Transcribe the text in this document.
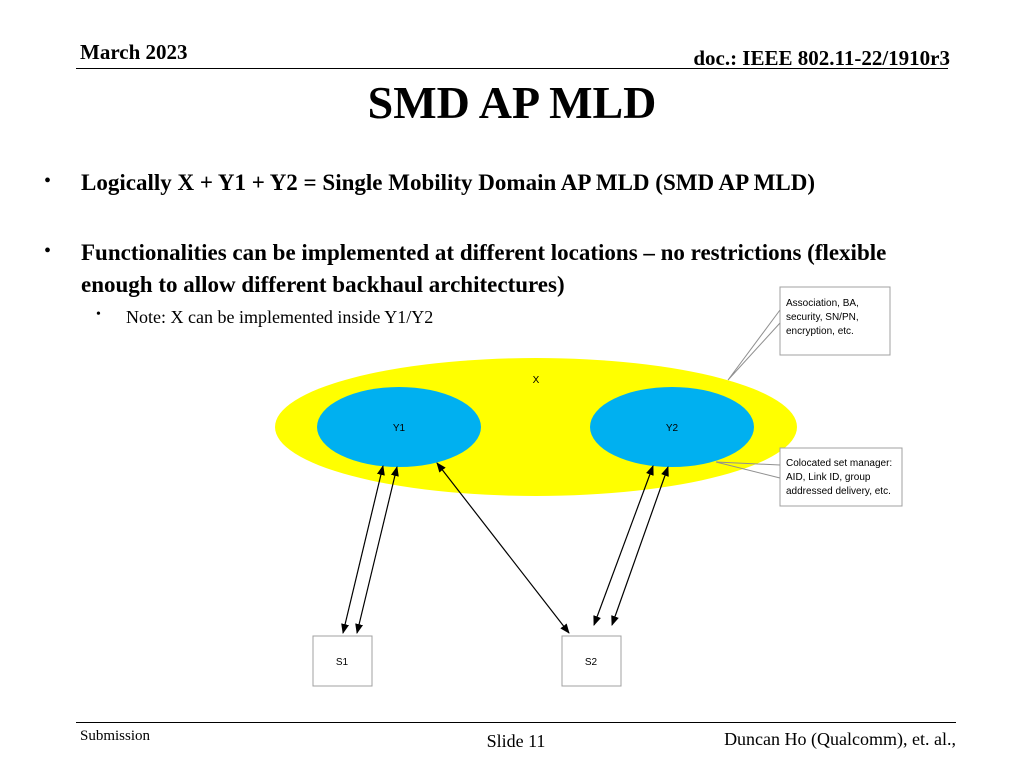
March 2023	doc.: IEEE 802.11-22/1910r3
SMD AP MLD
• Logically X + Y1 + Y2 = Single Mobility Domain AP MLD (SMD AP MLD)
• Functionalities can be implemented at different locations – no restrictions (flexible enough to allow different backhaul architectures)
• Note: X can be implemented inside Y1/Y2
X
Y1	Y2
S1	S2
Association, BA,
security, SN/PN,
encryption, etc.
Colocated set manager:
AID, Link ID, group
addressed delivery, etc.
Submission	Slide 11	Duncan Ho (Qualcomm), et. al.,
